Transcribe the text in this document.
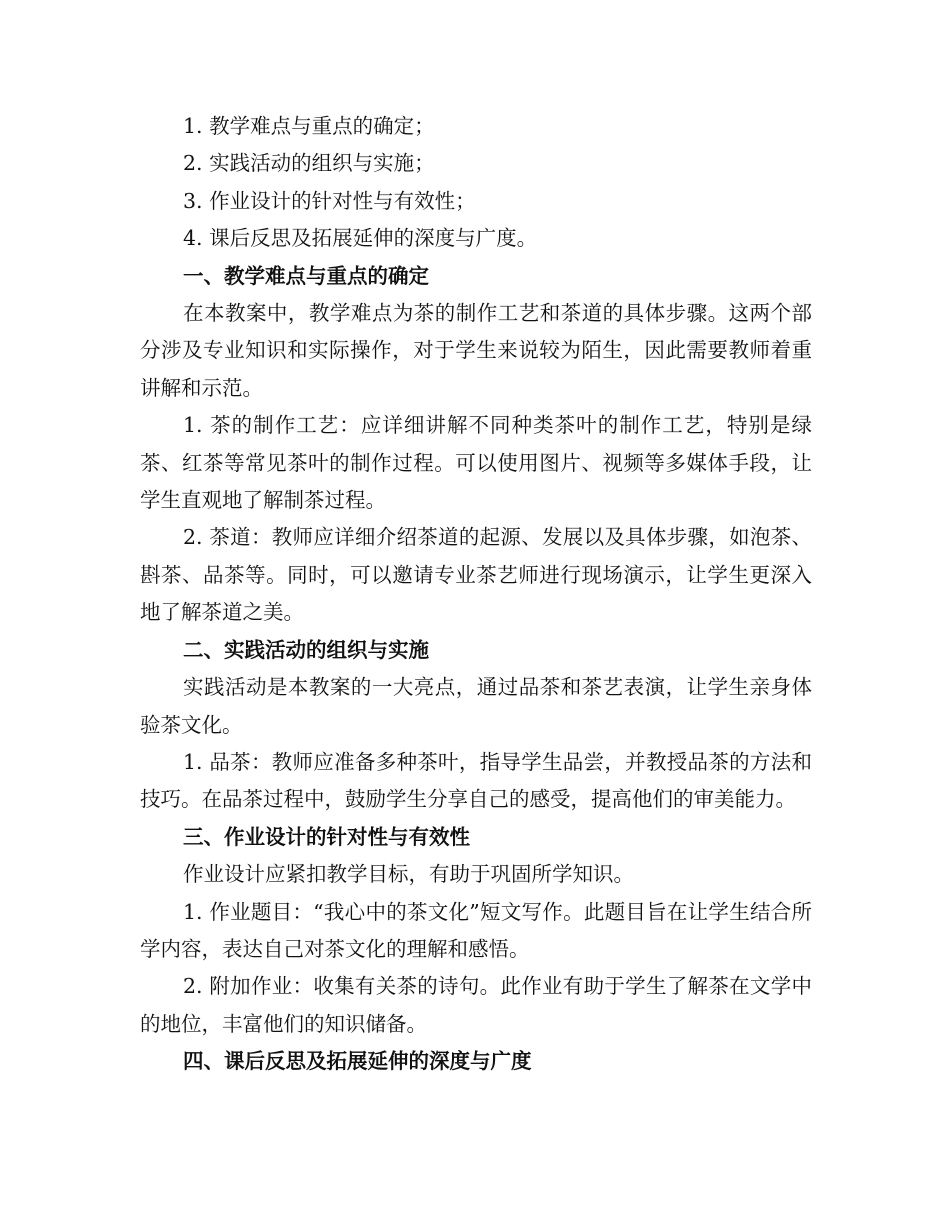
1. 教学难点与重点的确定；

2. 实践活动的组织与实施；

3. 作业设计的针对性与有效性；

4. 课后反思及拓展延伸的深度与广度。

一、教学难点与重点的确定

在本教案中，教学难点为茶的制作工艺和茶道的具体步骤。这两个部分涉及专业知识和实际操作，对于学生来说较为陌生，因此需要教师着重讲解和示范。

1. 茶的制作工艺：应详细讲解不同种类茶叶的制作工艺，特别是绿茶、红茶等常见茶叶的制作过程。可以使用图片、视频等多媒体手段，让学生直观地了解制茶过程。

2. 茶道：教师应详细介绍茶道的起源、发展以及具体步骤，如泡茶、斟茶、品茶等。同时，可以邀请专业茶艺师进行现场演示，让学生更深入地了解茶道之美。

二、实践活动的组织与实施

实践活动是本教案的一大亮点，通过品茶和茶艺表演，让学生亲身体验茶文化。

1. 品茶：教师应准备多种茶叶，指导学生品尝，并教授品茶的方法和技巧。在品茶过程中，鼓励学生分享自己的感受，提高他们的审美能力。

三、作业设计的针对性与有效性

作业设计应紧扣教学目标，有助于巩固所学知识。

1. 作业题目：“我心中的茶文化”短文写作。此题目旨在让学生结合所学内容，表达自己对茶文化的理解和感悟。

2. 附加作业：收集有关茶的诗句。此作业有助于学生了解茶在文学中的地位，丰富他们的知识储备。

四、课后反思及拓展延伸的深度与广度
